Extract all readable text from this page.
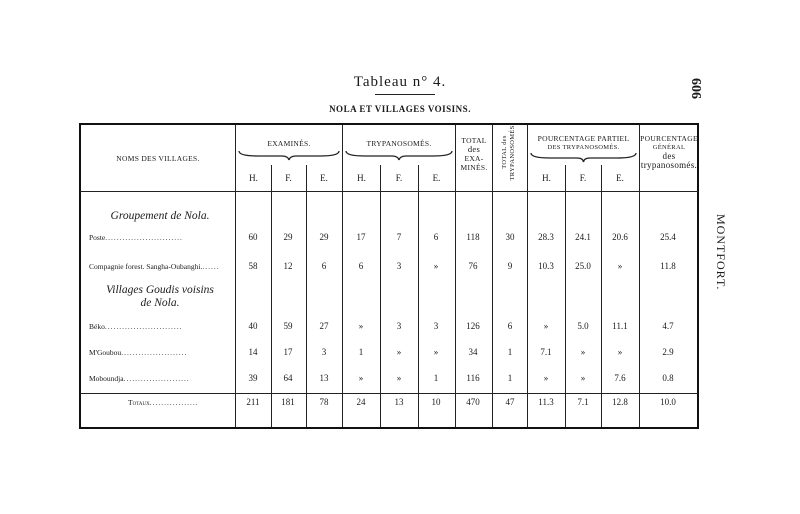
Tableau n° 4.
NOLA ET VILLAGES VOISINS.
606
MONTFORT.
NOMS DES VILLAGES.
EXAMINÉS.	TRYPANOSOMÉS.	TOTAL
des
EXA-
MINÉS.	TOTAL des TRYPANOSOMÉS.	POURCENTAGE PARTIEL
DES TRYPANOSOMÉS.
POURCENTAGE
GÉNÉRAL
des
trypanosomés.
H.	F.	E.	H.	F.	E.	H.	F.	E.
Groupement de Nola.
Villages Goudis voisins de Nola.
Poste...........................	60	29	29	17	7	6	118	30	28.3	24.1	20.6	25.4
Compagnie forest. Sangha-Oubanghi.......	58	12	6	6	3	»	76	9	10.3	25.0	»	11.8
Béko...........................	40	59	27	»	3	3	126	6	»	5.0	11.1	4.7
M'Goubou.......................	14	17	3	1	»	»	34	1	7.1	»	»	2.9
Moboundja.......................	39	64	13	»	»	1	116	1	»	»	7.6	0.8
Totaux.................	211	181	78	24	13	10	470	47	11.3	7.1	12.8	10.0
